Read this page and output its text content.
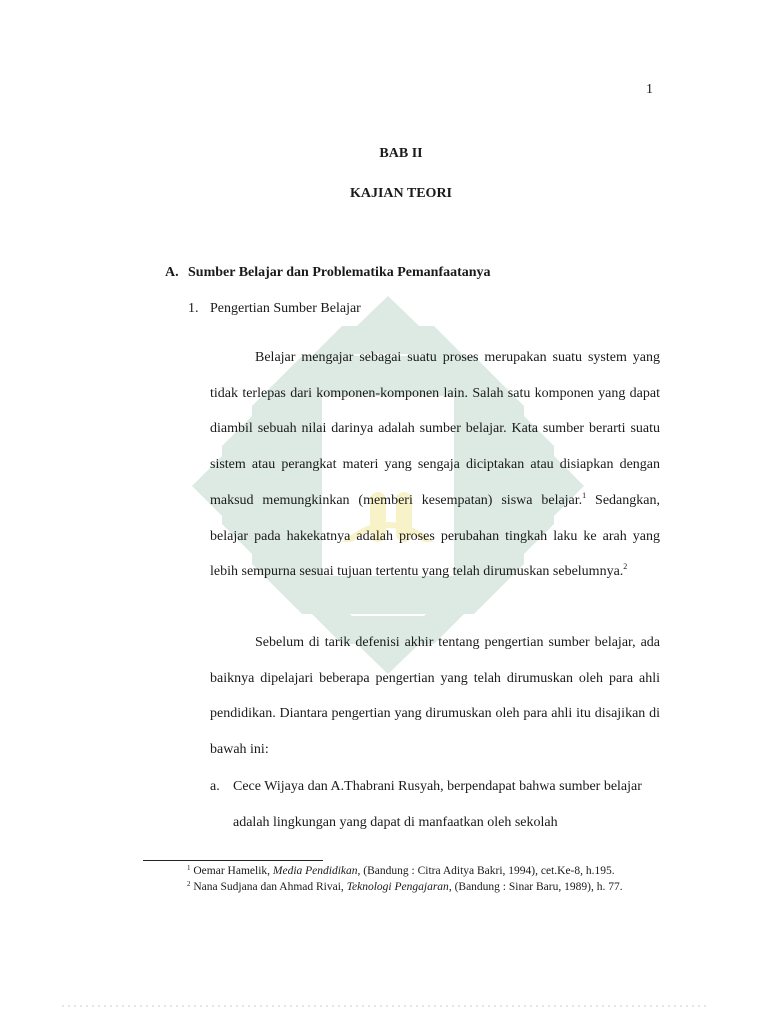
1
BAB II
KAJIAN TEORI
A. Sumber Belajar dan Problematika Pemanfaatanya
1. Pengertian Sumber Belajar

Belajar mengajar sebagai suatu proses merupakan suatu system yang tidak terlepas dari komponen-komponen lain. Salah satu komponen yang dapat diambil sebuah nilai darinya adalah sumber belajar. Kata sumber berarti suatu sistem atau perangkat materi yang sengaja diciptakan atau disiapkan dengan maksud memungkinkan (memberi kesempatan) siswa belajar.$^1$ Sedangkan, belajar pada hakekatnya adalah proses perubahan tingkah laku ke arah yang lebih sempurna sesuai tujuan tertentu yang telah dirumuskan sebelumnya.$^2$

Sebelum di tarik defenisi akhir tentang pengertian sumber belajar, ada baiknya dipelajari beberapa pengertian yang telah dirumuskan oleh para ahli pendidikan. Diantara pengertian yang dirumuskan oleh para ahli itu disajikan di bawah ini:

a. Cece Wijaya dan A.Thabrani Rusyah, berpendapat bahwa sumber belajar adalah lingkungan yang dapat di manfaatkan oleh sekolah
$^1$ Oemar Hamelik, Media Pendidikan, (Bandung : Citra Aditya Bakri, 1994), cet.Ke-8, h.195.
$^2$ Nana Sudjana dan Ahmad Rivai, Teknologi Pengajaran, (Bandung : Sinar Baru, 1989), h. 77.
